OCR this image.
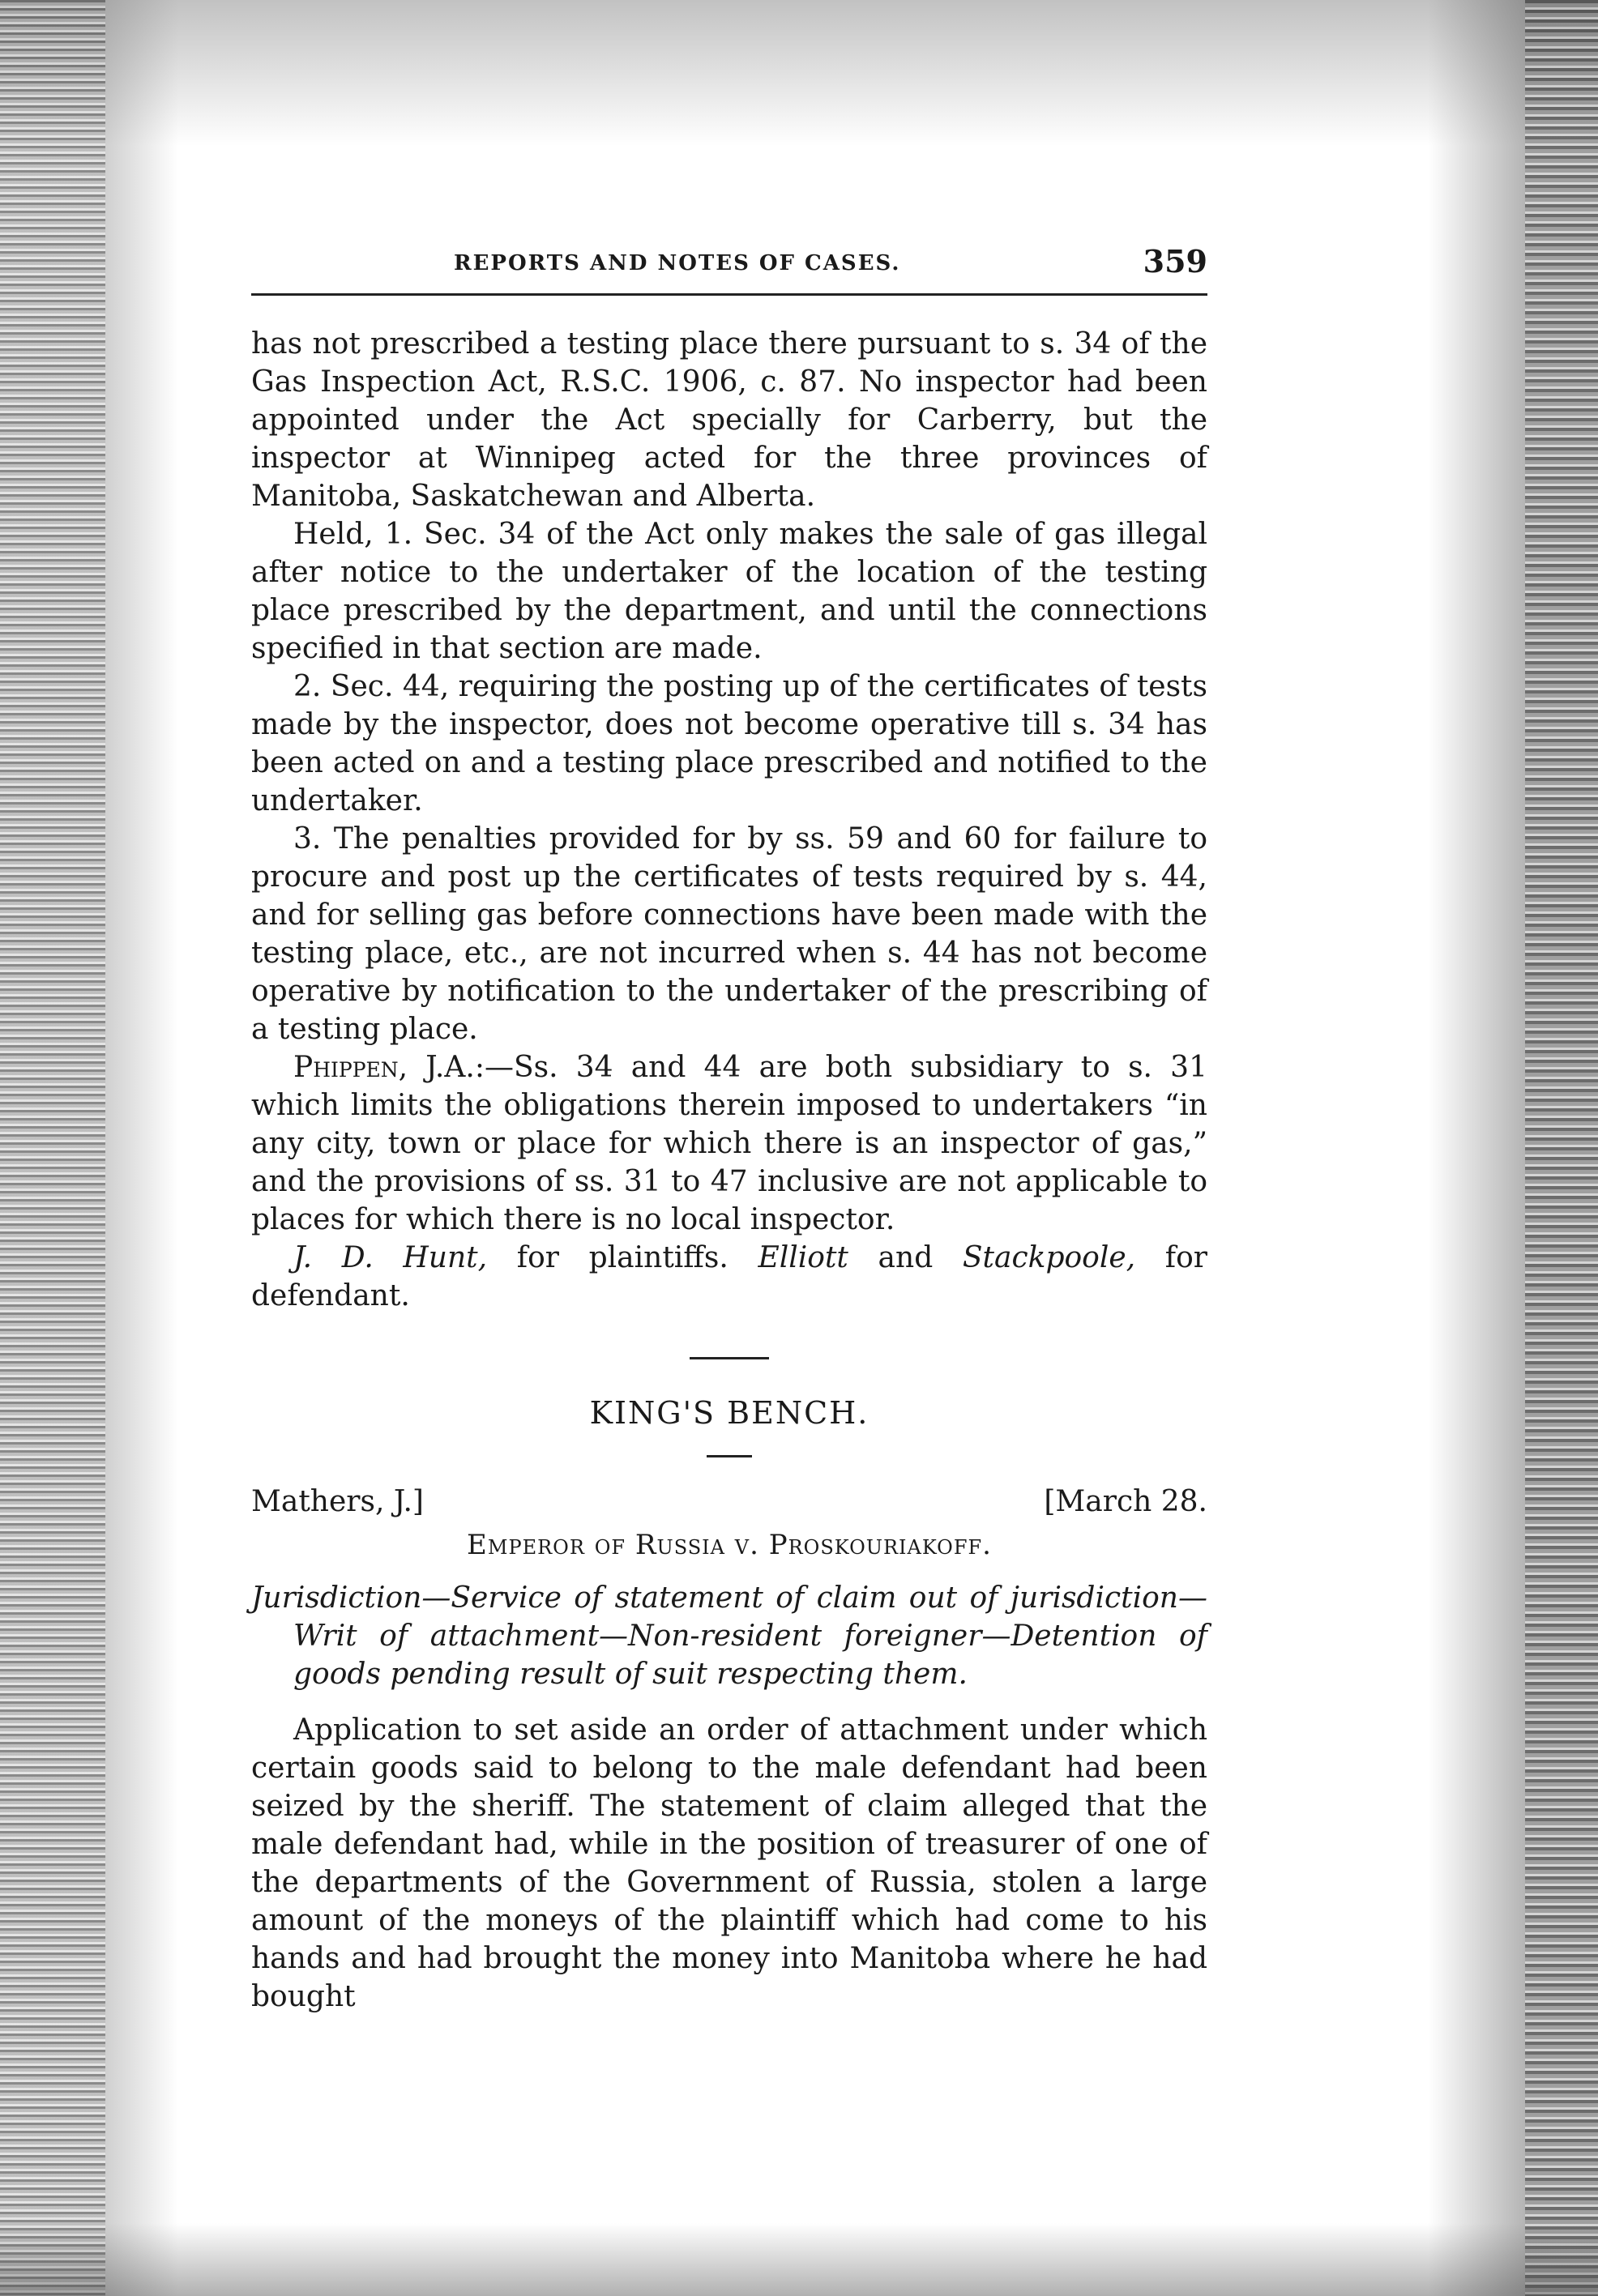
REPORTS AND NOTES OF CASES.	359

has not prescribed a testing place there pursuant to s. 34 of the Gas Inspection Act, R.S.C. 1906, c. 87. No inspector had been appointed under the Act specially for Carberry, but the inspector at Winnipeg acted for the three provinces of Manitoba, Saskatchewan and Alberta.

Held, 1. Sec. 34 of the Act only makes the sale of gas illegal after notice to the undertaker of the location of the testing place prescribed by the department, and until the connections specified in that section are made.

2. Sec. 44, requiring the posting up of the certificates of tests made by the inspector, does not become operative till s. 34 has been acted on and a testing place prescribed and notified to the undertaker.

3. The penalties provided for by ss. 59 and 60 for failure to procure and post up the certificates of tests required by s. 44, and for selling gas before connections have been made with the testing place, etc., are not incurred when s. 44 has not become operative by notification to the undertaker of the prescribing of a testing place.

Phippen, J.A.:—Ss. 34 and 44 are both subsidiary to s. 31 which limits the obligations therein imposed to undertakers “in any city, town or place for which there is an inspector of gas,” and the provisions of ss. 31 to 47 inclusive are not applicable to places for which there is no local inspector.

J. D. Hunt, for plaintiffs. Elliott and Stackpoole, for defendant.

KING'S BENCH.

Mathers, J.]	[March 28.

Emperor of Russia v. Proskouriakoff.

Jurisdiction—Service of statement of claim out of jurisdiction—Writ of attachment—Non-resident foreigner—Detention of goods pending result of suit respecting them.

Application to set aside an order of attachment under which certain goods said to belong to the male defendant had been seized by the sheriff. The statement of claim alleged that the male defendant had, while in the position of treasurer of one of the departments of the Government of Russia, stolen a large amount of the moneys of the plaintiff which had come to his hands and had brought the money into Manitoba where he had bought
